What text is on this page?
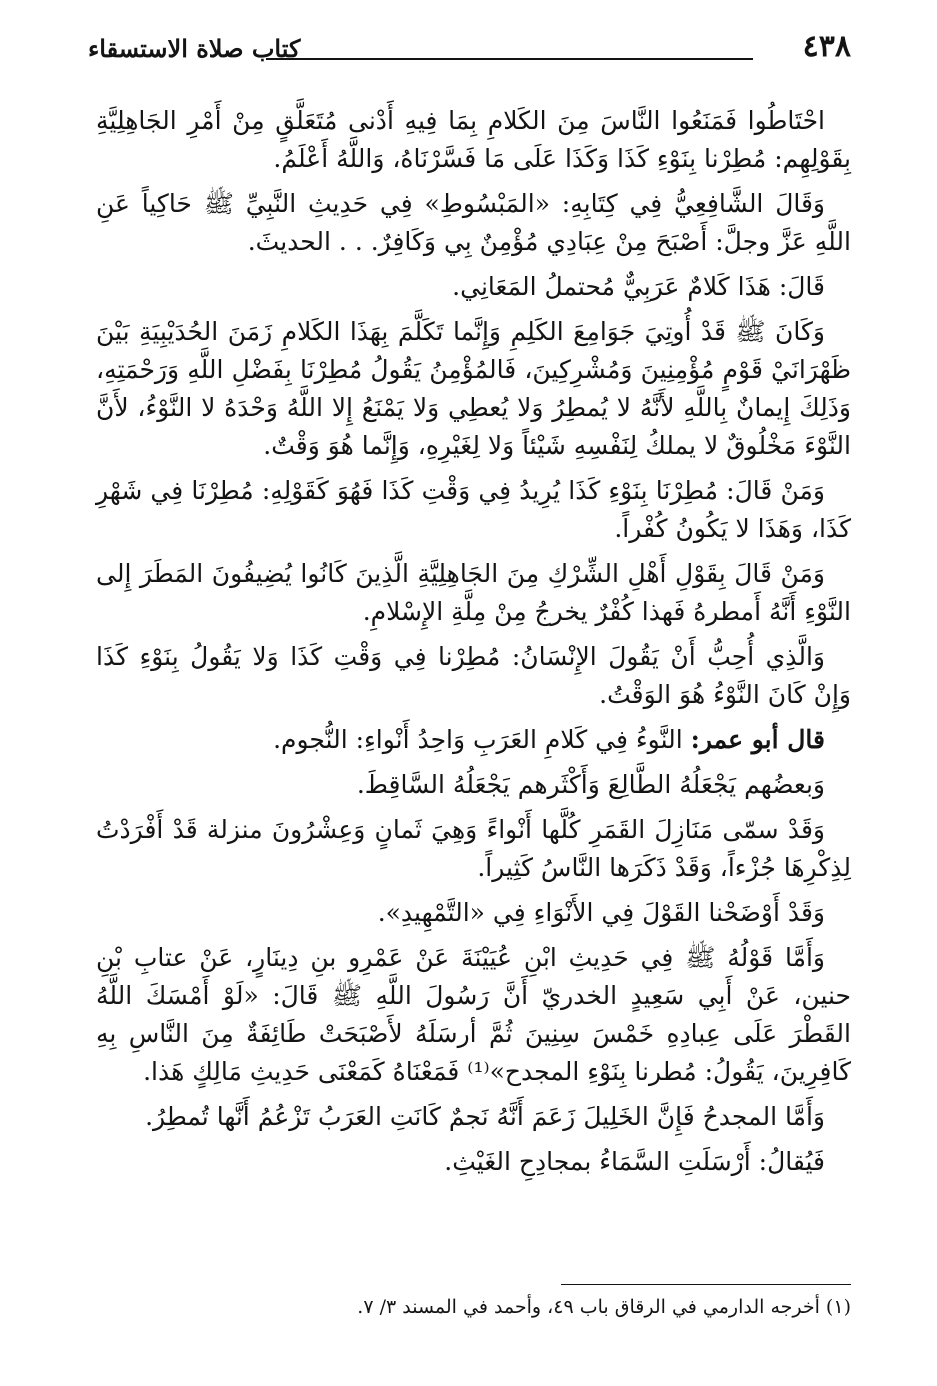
٤٣٨
كتاب صلاة الاستسقاء

احْتَاطُوا فَمَنَعُوا النَّاسَ مِنَ الكَلامِ بِمَا فِيهِ أَدْنى مُتَعَلَّقٍ مِنْ أَمْرِ الجَاهِلِيَّةِ بِقَوْلِهِم: مُطِرْنا بِنَوْءِ كَذَا وَكَذَا عَلَى مَا فَسَّرْنَاهُ، وَاللَّهُ أَعْلَمُ.

وَقَالَ الشَّافِعِيُّ فِي كِتَابِهِ: «المَبْسُوطِ» فِي حَدِيثِ النَّبِيِّ ﷺ حَاكِياً عَنِ اللَّهِ عَزَّ وجلَّ: أَصْبَحَ مِنْ عِبَادِي مُؤْمِنٌ بِي وَكَافِرٌ. . . الحديثَ.

قَالَ: هَذَا كَلامٌ عَرَبِيٌّ مُحتملُ المَعَانِي.

وَكَانَ ﷺ قَدْ أُوتِيَ جَوَامِعَ الكَلِمِ وَإِنَّما تَكَلَّمَ بِهَذَا الكَلامِ زَمَنَ الحُدَيْبِيَةِ بَيْنَ ظَهْرَانَيْ قَوْمٍ مُؤْمِنِينَ وَمُشْرِكِينَ، فَالمُؤْمِنُ يَقُولُ مُطِرْنَا بِفَضْلِ اللَّهِ وَرَحْمَتِهِ، وَذَلِكَ إِيمانٌ بِاللَّهِ لأَنَّهُ لا يُمطِرُ وَلا يُعطِي وَلا يَمْنَعُ إِلا اللَّهُ وَحْدَهُ لا النَّوْءُ، لأَنَّ النَّوْءَ مَخْلُوقٌ لا يملكُ لِنَفْسِهِ شَيْئاً وَلا لِغَيْرِهِ، وَإِنَّما هُوَ وَقْتٌ.

وَمَنْ قَالَ: مُطِرْنَا بِنَوْءِ كَذَا يُرِيدُ فِي وَقْتِ كَذَا فَهُوَ كَقَوْلِهِ: مُطِرْنَا فِي شَهْرِ كَذَا، وَهَذَا لا يَكُونُ كُفْراً.

وَمَنْ قَالَ بِقَوْلِ أَهْلِ الشِّرْكِ مِنَ الجَاهِلِيَّةِ الَّذِينَ كَانُوا يُضِيفُونَ المَطَرَ إِلى النَّوْءِ أَنَّهُ أَمطرهُ فَهذا كُفْرٌ يخرجُ مِنْ مِلَّةِ الإِسْلامِ.

وَالَّذِي أُحِبُّ أَنْ يَقُولَ الإِنْسَانُ: مُطِرْنا فِي وَقْتِ كَذَا وَلا يَقُولُ بِنَوْءِ كَذَا وَإِنْ كَانَ النَّوْءُ هُوَ الوَقْتُ.

قال أبو عمر: النَّوءُ فِي كَلامِ العَرَبِ وَاحِدُ أَنْواءِ: النُّجوم.

وَبعضُهم يَجْعَلُهُ الطَّالِعَ وَأَكْثَرهم يَجْعَلُهُ السَّاقِطَ.

وَقَدْ سمّى مَنَازِلَ القَمَرِ كُلَّها أَنْواءً وَهِيَ ثَمانٍ وَعِشْرُونَ منزلة قَدْ أَفْرَدْتُ لِذِكْرِهَا جُزْءاً، وَقَدْ ذَكَرَها النَّاسُ كَثِيراً.

وَقَدْ أَوْضَحْنا القَوْلَ فِي الأَنْوَاءِ فِي «التَّمْهِيدِ».

وَأَمَّا قَوْلُهُ ﷺ فِي حَدِيثِ ابْنِ عُيَيْنَةَ عَنْ عَمْرِو بنِ دِينَارٍ، عَنْ عتابِ بْنِ حنين، عَنْ أَبِي سَعِيدٍ الخدريّ أَنَّ رَسُولَ اللَّهِ ﷺ قَالَ: «لَوْ أَمْسَكَ اللَّهُ القَطْرَ عَلَى عِبادِهِ خَمْسَ سِنِينَ ثُمَّ أرسَلَهُ لأَصْبَحَتْ طَائِفَةٌ مِنَ النَّاسِ بِهِ كَافِرِينَ، يَقُولُ: مُطرنا بِنَوْءِ المجدح»⁽¹⁾ فَمَعْنَاهُ كَمَعْنَى حَدِيثِ مَالِكٍ هَذا.

وَأَمَّا المجدحُ فَإِنَّ الخَلِيلَ زَعَمَ أَنَّهُ نَجمٌ كَانَتِ العَرَبُ تَزْعُمُ أَنَّها تُمطِرُ.

فَيُقالُ: أَرْسَلَتِ السَّمَاءُ بمجادِحِ الغَيْثِ.

(١) أخرجه الدارمي في الرقاق باب ٤٩، وأحمد في المسند ٣/ ٧.
